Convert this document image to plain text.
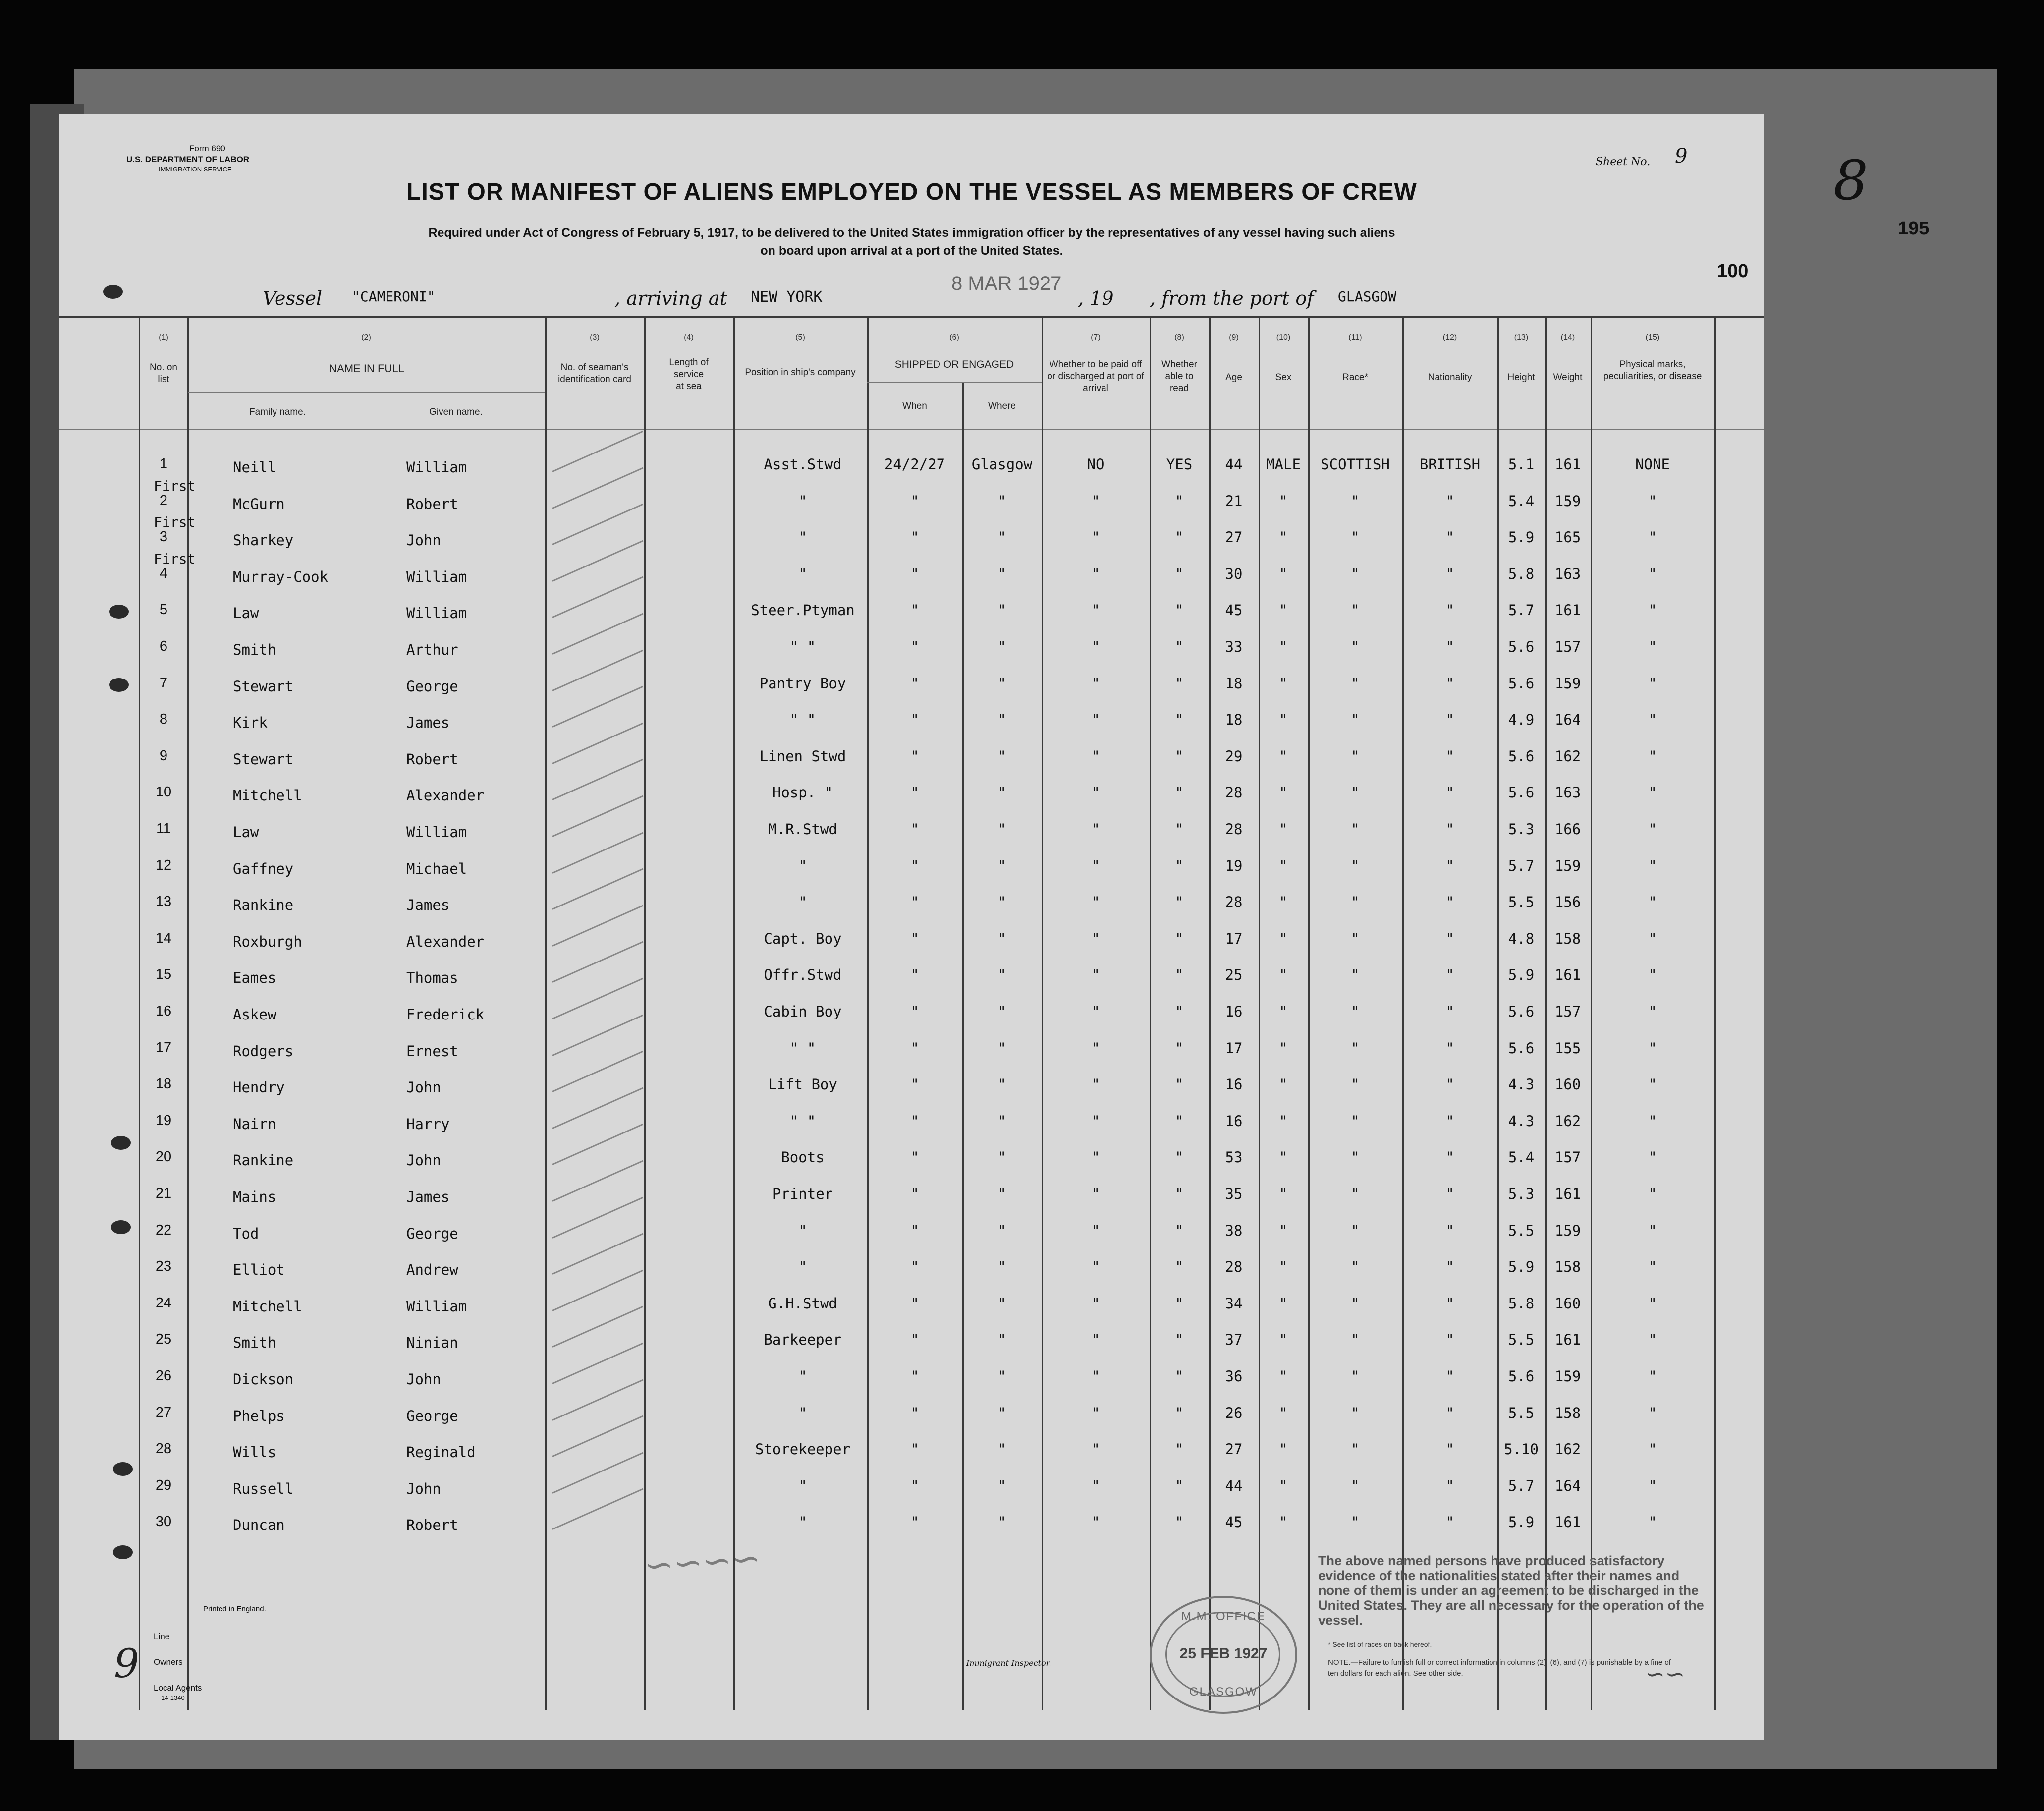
8
195
Form 690
U.S. DEPARTMENT OF LABOR
IMMIGRATION SERVICE
Sheet No. 9
LIST OR MANIFEST OF ALIENS EMPLOYED ON THE VESSEL AS MEMBERS OF CREW
Required under Act of Congress of February 5, 1917, to be delivered to the United States immigration officer by the representatives of any vessel having such aliens
on board upon arrival at a port of the United States.
100
Vessel "CAMERONI"	, arriving at NEW YORK
8 MAR 1927
, 19 , from the port of GLASGOW
(1)	(2)	(3)	(4)	(5)	(6)	(7)	(8)	(9)	(10)	(11)	(12)	(13)	(14)	(15)
No. on list
NAME IN FULL
Family name.	Given name.
No. of seaman's identification card
Length of service at sea
Position in ship's company
SHIPPED OR ENGAGED
When	Where
Whether to be paid off or discharged at port of arrival
Whether able to read
Age	Sex	Race*	Nationality	Height	Weight
Physical marks, peculiarities, or disease
1	Neill	William	Asst.Stwd	24/2/27	Glasgow	NO	YES	44	MALE	SCOTTISH	BRITISH	5.1	161	NONE
2	McGurn	Robert	"	"	"	"	"	21	"	"	"	5.4	159	"
First
3	Sharkey	John	"	"	"	"	"	27	"	"	"	5.9	165	"
First
4	Murray-Cook	William	"	"	"	"	"	30	"	"	"	5.8	163	"
First
5	Law	William	Steer.Ptyman	"	"	"	"	45	"	"	"	5.7	161	"
6	Smith	Arthur	" "	"	"	"	"	33	"	"	"	5.6	157	"
7	Stewart	George	Pantry Boy	"	"	"	"	18	"	"	"	5.6	159	"
8	Kirk	James	" "	"	"	"	"	18	"	"	"	4.9	164	"
9	Stewart	Robert	Linen Stwd	"	"	"	"	29	"	"	"	5.6	162	"
10	Mitchell	Alexander	Hosp. "	"	"	"	"	28	"	"	"	5.6	163	"
11	Law	William	M.R.Stwd	"	"	"	"	28	"	"	"	5.3	166	"
12	Gaffney	Michael	"	"	"	"	"	19	"	"	"	5.7	159	"
13	Rankine	James	"	"	"	"	"	28	"	"	"	5.5	156	"
14	Roxburgh	Alexander	Capt. Boy	"	"	"	"	17	"	"	"	4.8	158	"
15	Eames	Thomas	Offr.Stwd	"	"	"	"	25	"	"	"	5.9	161	"
16	Askew	Frederick	Cabin Boy	"	"	"	"	16	"	"	"	5.6	157	"
17	Rodgers	Ernest	" "	"	"	"	"	17	"	"	"	5.6	155	"
18	Hendry	John	Lift Boy	"	"	"	"	16	"	"	"	4.3	160	"
19	Nairn	Harry	" "	"	"	"	"	16	"	"	"	4.3	162	"
20	Rankine	John	Boots	"	"	"	"	53	"	"	"	5.4	157	"
21	Mains	James	Printer	"	"	"	"	35	"	"	"	5.3	161	"
22	Tod	George	"	"	"	"	"	38	"	"	"	5.5	159	"
23	Elliot	Andrew	"	"	"	"	"	28	"	"	"	5.9	158	"
24	Mitchell	William	G.H.Stwd	"	"	"	"	34	"	"	"	5.8	160	"
25	Smith	Ninian	Barkeeper	"	"	"	"	37	"	"	"	5.5	161	"
26	Dickson	John	"	"	"	"	"	36	"	"	"	5.6	159	"
27	Phelps	George	"	"	"	"	"	26	"	"	"	5.5	158	"
28	Wills	Reginald	Storekeeper	"	"	"	"	27	"	"	"	5.10	162	"
29	Russell	John	"	"	"	"	"	44	"	"	"	5.7	164	"
30	Duncan	Robert	"	"	"	"	"	45	"	"	"	5.9	161	"
∽∽∽∽	The above named persons have produced satisfactory evidence of the nationalities stated after their names and none of them is under an agreement to be discharged in the United States. They are all necessary for the operation of the vessel.
* See list of races on back hereof.
NOTE.—Failure to furnish full or correct information in columns (2), (6), and (7) is punishable by a fine of ten dollars for each alien. See other side.	∽∽
M.M. OFFICE
25 FEB 1927
GLASGOW
Printed in England.
Line
Owners
Local Agents
14-1340
9	Immigrant Inspector.
